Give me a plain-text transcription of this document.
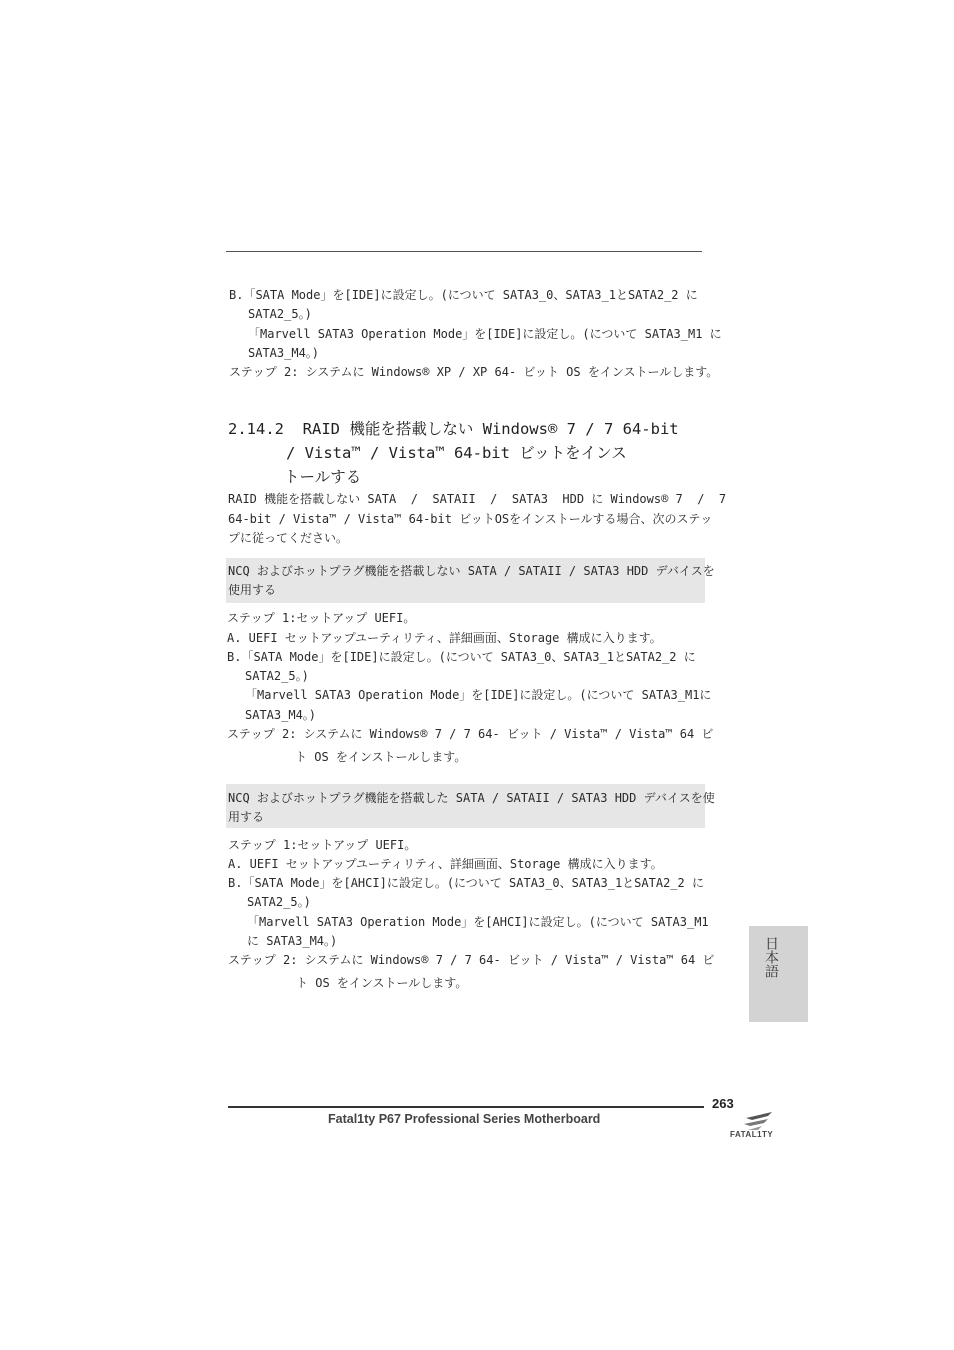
B.「SATA Mode」を[IDE]に設定し。(について SATA3_0、SATA3_1とSATA2_2 に
SATA2_5。)
「Marvell SATA3 Operation Mode」を[IDE]に設定し。(について SATA3_M1 に
SATA3_M4。)
ステップ 2: システムに Windows® XP / XP 64- ビット OS をインストールします。
2.14.2  RAID 機能を搭載しない Windows® 7 / 7 64-bit
/ Vista™ / Vista™ 64-bit ビットをインス
トールする
RAID 機能を搭載しない SATA  /  SATAII  /  SATA3  HDD に Windows® 7  /  7
64-bit / Vista™ / Vista™ 64-bit ビットOSをインストールする場合、次のステッ
プに従ってください。
NCQ およびホットプラグ機能を搭載しない SATA / SATAII / SATA3 HDD デバイスを
使用する
ステップ 1:セットアップ UEFI。
A. UEFI セットアップユーティリティ、詳細画面、Storage 構成に入ります。
B.「SATA Mode」を[IDE]に設定し。(について SATA3_0、SATA3_1とSATA2_2 に
SATA2_5。)
「Marvell SATA3 Operation Mode」を[IDE]に設定し。(について SATA3_M1に
SATA3_M4。)
ステップ 2: システムに Windows® 7 / 7 64- ビット / Vista™ / Vista™ 64 ビ
ト OS をインストールします。
NCQ およびホットプラグ機能を搭載した SATA / SATAII / SATA3 HDD デバイスを使
用する
ステップ 1:セットアップ UEFI。
A. UEFI セットアップユーティリティ、詳細画面、Storage 構成に入ります。
B.「SATA Mode」を[AHCI]に設定し。(について SATA3_0、SATA3_1とSATA2_2 に
SATA2_5。)
「Marvell SATA3 Operation Mode」を[AHCI]に設定し。(について SATA3_M1
に SATA3_M4。)
ステップ 2: システムに Windows® 7 / 7 64- ビット / Vista™ / Vista™ 64 ビ
ト OS をインストールします。
日本語
263
Fatal1ty P67 Professional Series Motherboard
FATAL1TY
